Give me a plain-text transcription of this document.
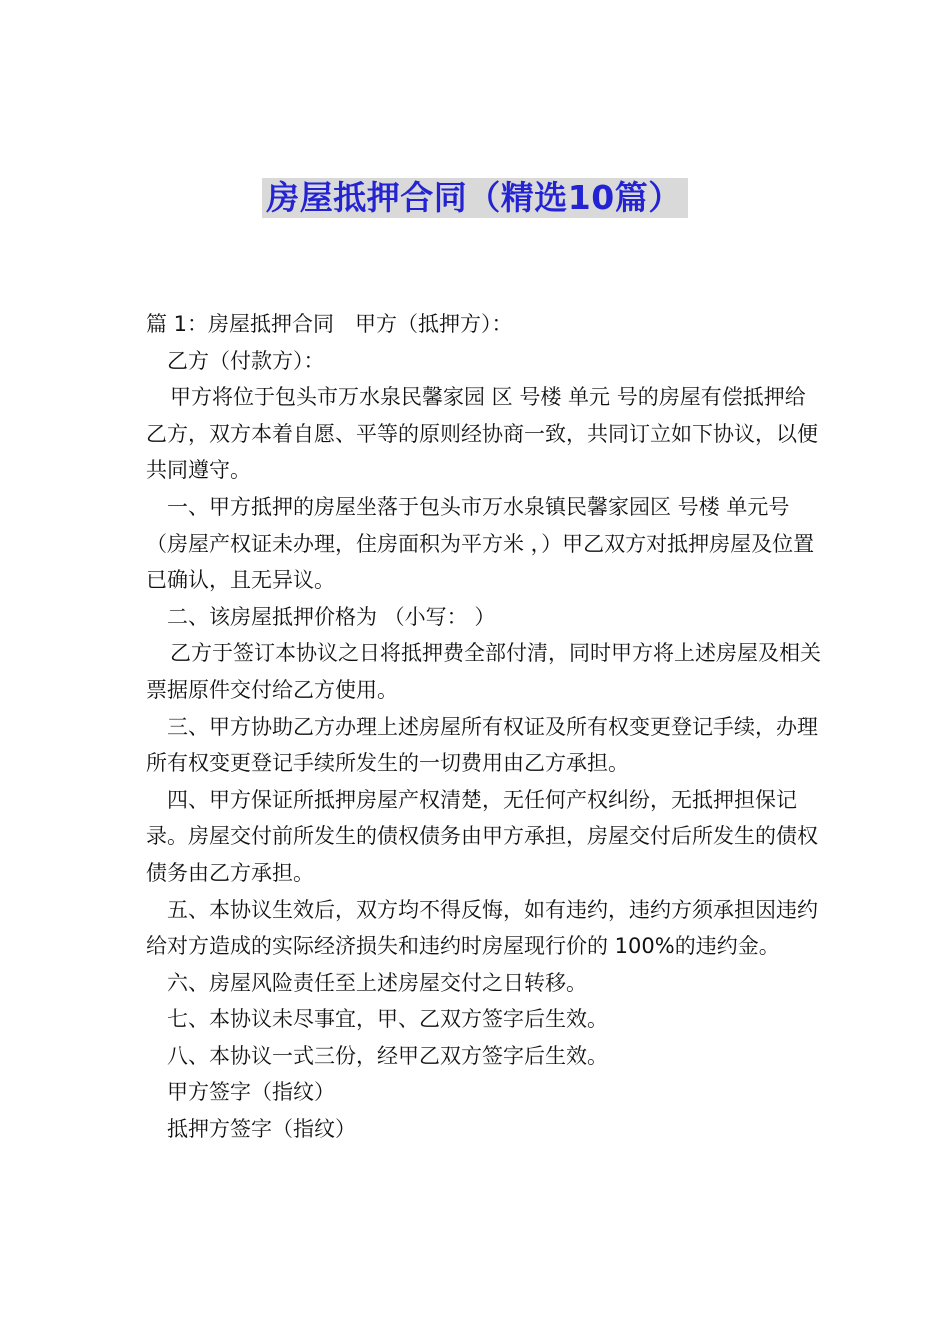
房屋抵押合同（精选10篇）

篇 1：房屋抵押合同　甲方（抵押方）：

乙方（付款方）：

甲方将位于包头市万水泉民馨家园 区 号楼 单元 号的房屋有偿抵押给乙方，双方本着自愿、平等的原则经协商一致，共同订立如下协议，以便共同遵守。

一、甲方抵押的房屋坐落于包头市万水泉镇民馨家园区 号楼 单元号（房屋产权证未办理，住房面积为平方米 ，）甲乙双方对抵押房屋及位置已确认，且无异议。

二、该房屋抵押价格为 （小写： ）

乙方于签订本协议之日将抵押费全部付清，同时甲方将上述房屋及相关票据原件交付给乙方使用。

三、甲方协助乙方办理上述房屋所有权证及所有权变更登记手续，办理所有权变更登记手续所发生的一切费用由乙方承担。

四、甲方保证所抵押房屋产权清楚，无任何产权纠纷，无抵押担保记录。房屋交付前所发生的债权债务由甲方承担，房屋交付后所发生的债权债务由乙方承担。

五、本协议生效后，双方均不得反悔，如有违约，违约方须承担因违约给对方造成的实际经济损失和违约时房屋现行价的 100%的违约金。

六、房屋风险责任至上述房屋交付之日转移。

七、本协议未尽事宜，甲、乙双方签字后生效。

八、本协议一式三份，经甲乙双方签字后生效。

甲方签字（指纹）

抵押方签字（指纹）
